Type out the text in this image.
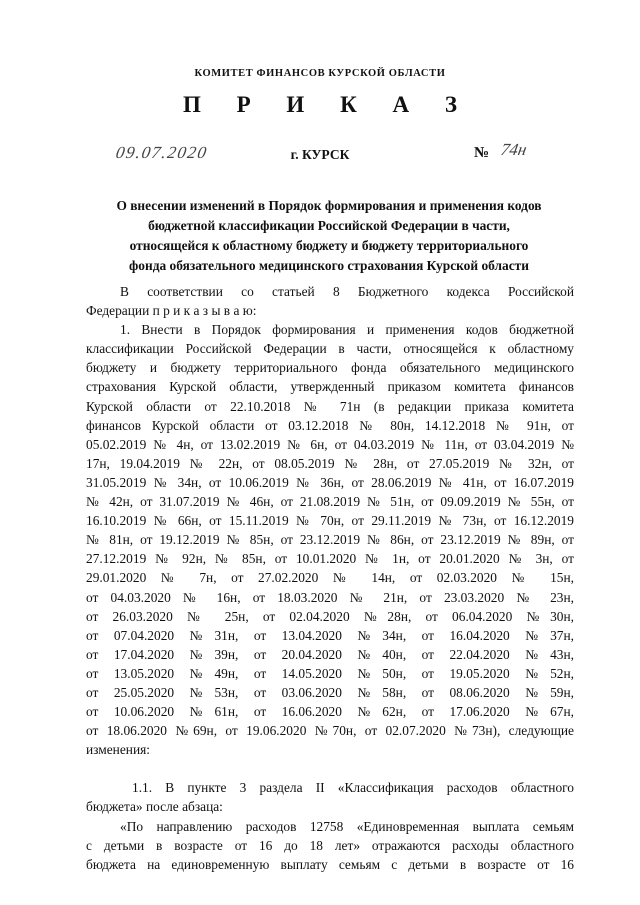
КОМИТЕТ ФИНАНСОВ КУРСКОЙ ОБЛАСТИ
П Р И К А З
09.07.2020	г. КУРСК	№ 74н
О внесении изменений в Порядок формирования и применения кодов
бюджетной классификации Российской Федерации в части,
относящейся к областному бюджету и бюджету территориального
фонда обязательного медицинского страхования Курской области
В соответствии со статьей 8 Бюджетного кодекса Российской
Федерации п р и к а з ы в а ю:
1. Внести в Порядок формирования и применения кодов бюджетной
классификации Российской Федерации в части, относящейся к областному
бюджету и бюджету территориального фонда обязательного медицинского
страхования Курской области, утвержденный приказом комитета финансов
Курской области от 22.10.2018 № 71н (в редакции приказа комитета
финансов Курской области от 03.12.2018 № 80н, 14.12.2018 № 91н, от
05.02.2019 № 4н, от 13.02.2019 № 6н, от 04.03.2019 № 11н, от 03.04.2019 №
17н, 19.04.2019 № 22н, от 08.05.2019 № 28н, от 27.05.2019 № 32н, от
31.05.2019 № 34н, от 10.06.2019 № 36н, от 28.06.2019 № 41н, от 16.07.2019
№ 42н, от 31.07.2019 № 46н, от 21.08.2019 № 51н, от 09.09.2019 № 55н, от
16.10.2019 № 66н, от 15.11.2019 № 70н, от 29.11.2019 № 73н, от 16.12.2019
№ 81н, от 19.12.2019 № 85н, от 23.12.2019 № 86н, от 23.12.2019 № 89н, от
27.12.2019 № 92н, № 85н, от 10.01.2020 № 1н, от 20.01.2020 № 3н, от
29.01.2020 № 7н, от 27.02.2020 № 14н, от 02.03.2020 № 15н,
от 04.03.2020 № 16н, от 18.03.2020 № 21н, от 23.03.2020 № 23н,
от 26.03.2020 № 25н, от 02.04.2020 №28н, от 06.04.2020 №30н,
от 07.04.2020 №31н, от 13.04.2020 №34н, от 16.04.2020 №37н,
от 17.04.2020 №39н, от 20.04.2020 №40н, от 22.04.2020 №43н,
от 13.05.2020 №49н, от 14.05.2020 №50н, от 19.05.2020 №52н,
от 25.05.2020 №53н, от 03.06.2020 №58н, от 08.06.2020 №59н,
от 10.06.2020 №61н, от 16.06.2020 №62н, от 17.06.2020 №67н,
от 18.06.2020 №69н, от 19.06.2020 №70н, от 02.07.2020 №73н), следующие
изменения:
1.1. В пункте 3 раздела II «Классификация расходов областного
бюджета» после абзаца:
«По направлению расходов 12758 «Единовременная выплата семьям
с детьми в возрасте от 16 до 18 лет» отражаются расходы областного
бюджета на единовременную выплату семьям с детьми в возрасте от 16
